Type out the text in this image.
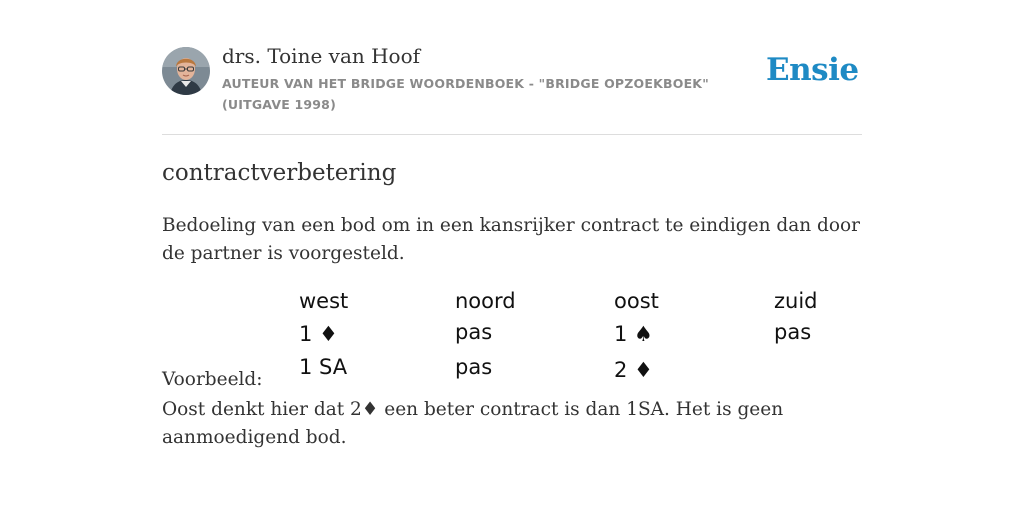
drs. Toine van Hoof
AUTEUR VAN HET BRIDGE WOORDENBOEK - "BRIDGE OPZOEKBOEK" (UITGAVE 1998)
Ensie
contractverbetering
Bedoeling van een bod om in een kansrijker contract te eindigen dan door de partner is voorgesteld.
west	noord	oost	zuid
1 ♦	pas	1 ♠	pas
1 SA	pas	2 ♦
Voorbeeld:
Oost denkt hier dat 2♦ een beter contract is dan 1SA. Het is geen aanmoedigend bod.
